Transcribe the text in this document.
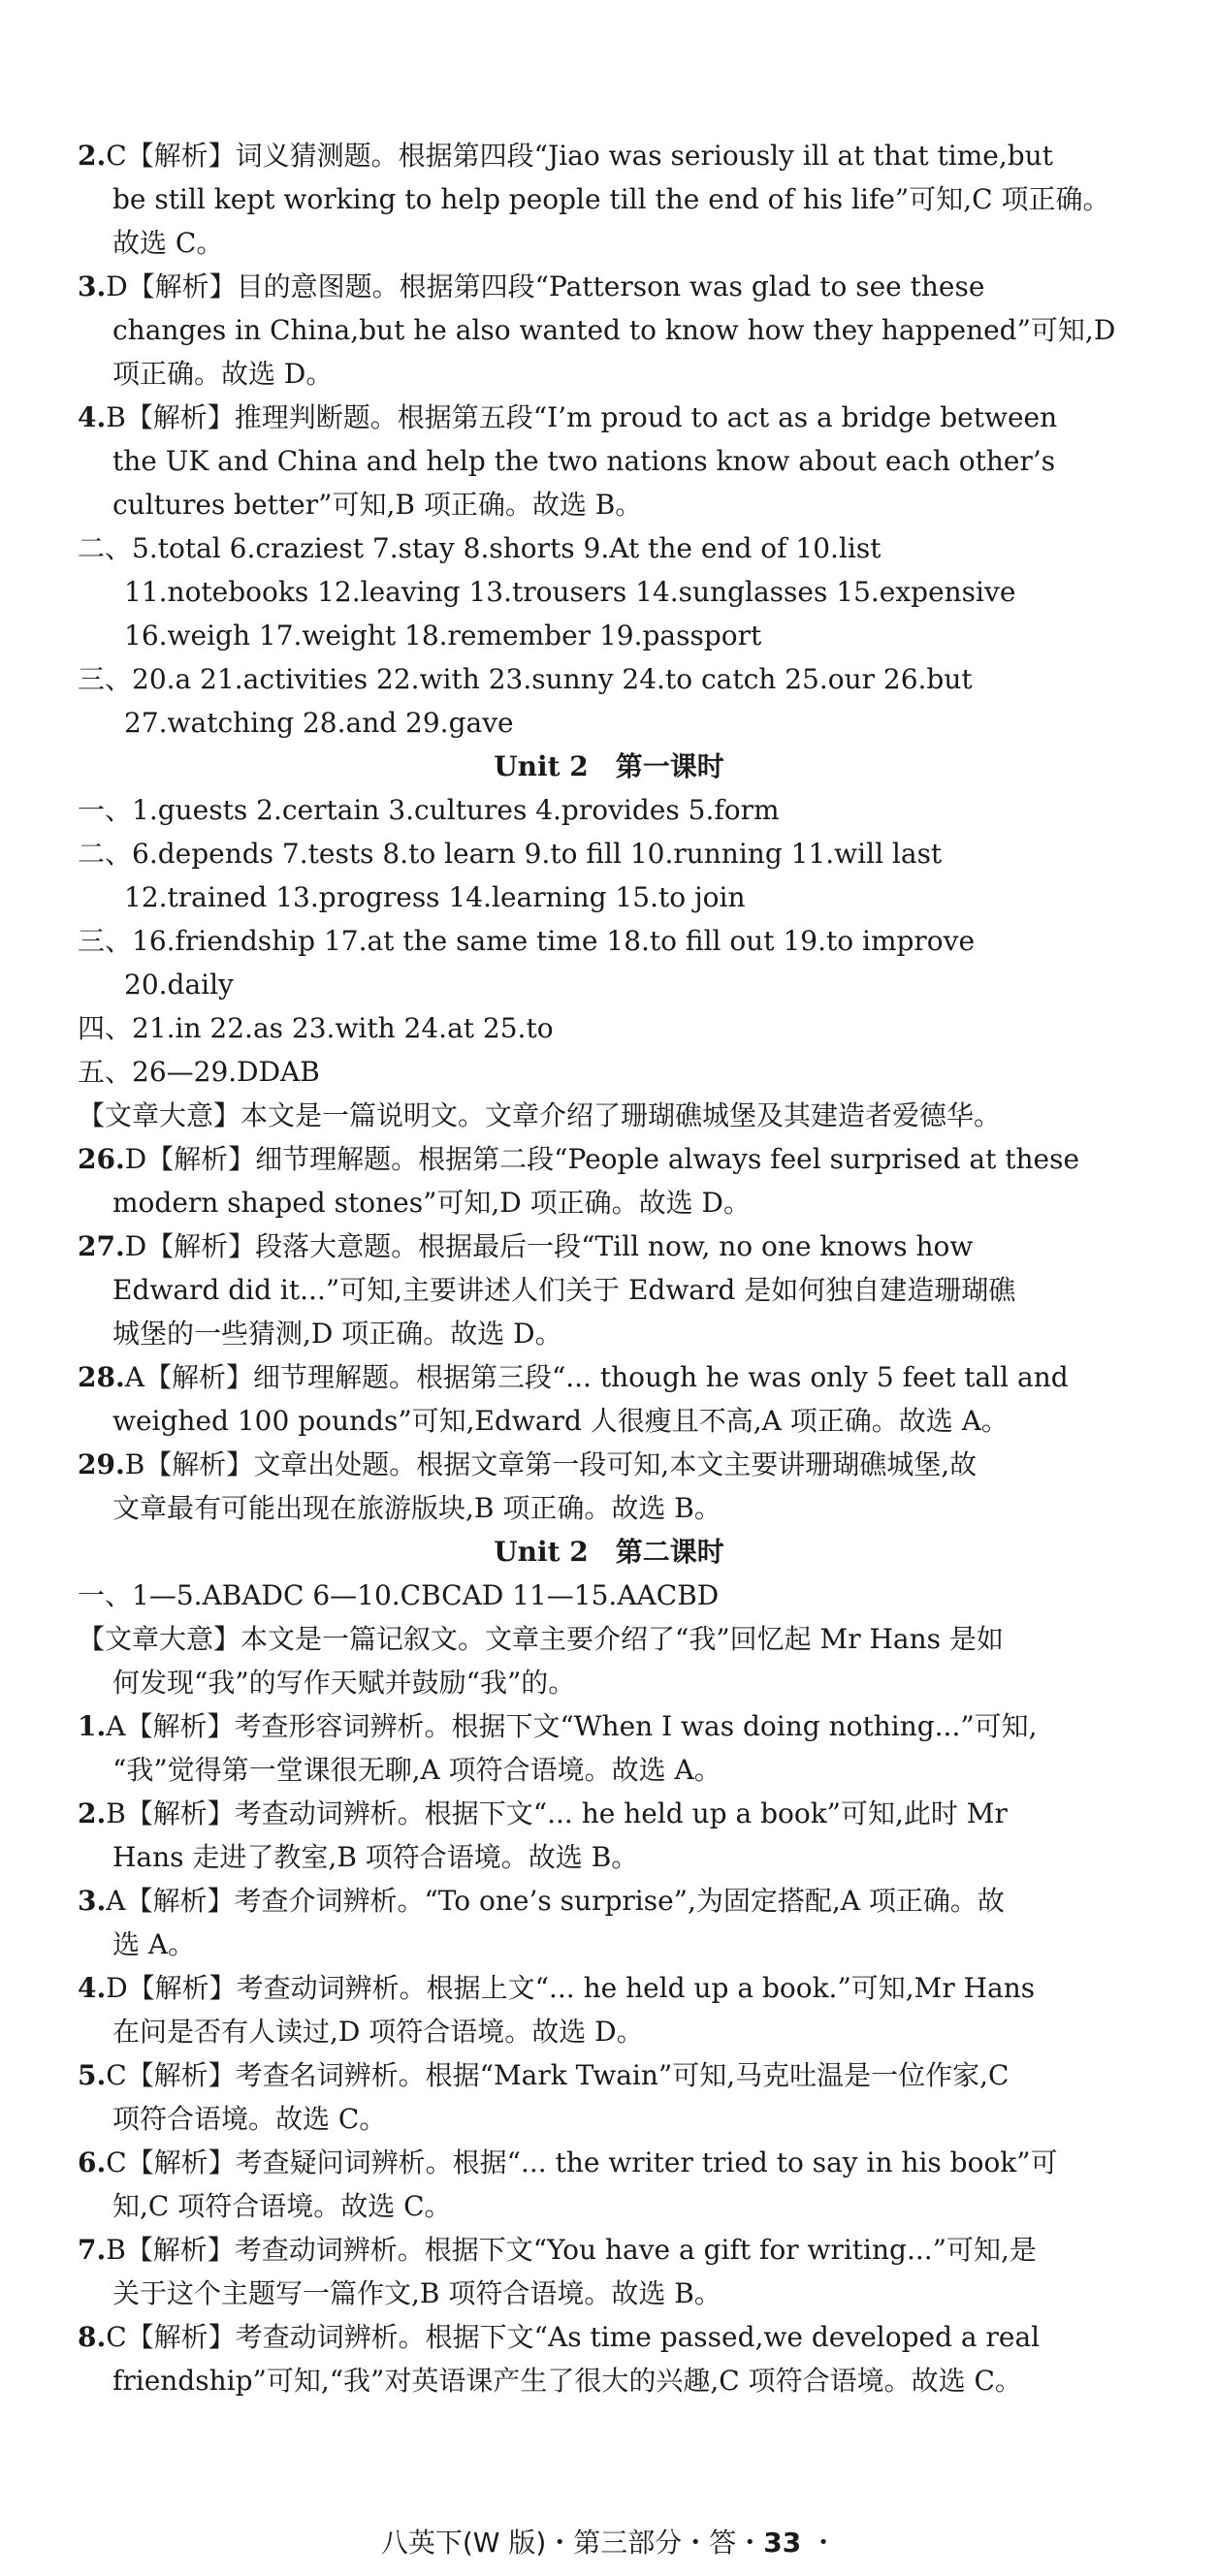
2.C【解析】词义猜测题。根据第四段“Jiao was seriously ill at that time,but
be still kept working to help people till the end of his life”可知,C 项正确。
故选 C。
3.D【解析】目的意图题。根据第四段“Patterson was glad to see these
changes in China,but he also wanted to know how they happened”可知,D
项正确。故选 D。
4.B【解析】推理判断题。根据第五段“I’m proud to act as a bridge between
the UK and China and help the two nations know about each other’s
cultures better”可知,B 项正确。故选 B。
二、5.total 6.craziest 7.stay 8.shorts 9.At the end of 10.list
11.notebooks 12.leaving 13.trousers 14.sunglasses 15.expensive
16.weigh 17.weight 18.remember 19.passport
三、20.a 21.activities 22.with 23.sunny 24.to catch 25.our 26.but
27.watching 28.and 29.gave
Unit 2　第一课时
一、1.guests 2.certain 3.cultures 4.provides 5.form
二、6.depends 7.tests 8.to learn 9.to fill 10.running 11.will last
12.trained 13.progress 14.learning 15.to join
三、16.friendship 17.at the same time 18.to fill out 19.to improve
20.daily
四、21.in 22.as 23.with 24.at 25.to
五、26—29.DDAB
【文章大意】本文是一篇说明文。文章介绍了珊瑚礁城堡及其建造者爱德华。
26.D【解析】细节理解题。根据第二段“People always feel surprised at these
modern shaped stones”可知,D 项正确。故选 D。
27.D【解析】段落大意题。根据最后一段“Till now, no one knows how
Edward did it...”可知,主要讲述人们关于 Edward 是如何独自建造珊瑚礁
城堡的一些猜测,D 项正确。故选 D。
28.A【解析】细节理解题。根据第三段“... though he was only 5 feet tall and
weighed 100 pounds”可知,Edward 人很瘦且不高,A 项正确。故选 A。
29.B【解析】文章出处题。根据文章第一段可知,本文主要讲珊瑚礁城堡,故
文章最有可能出现在旅游版块,B 项正确。故选 B。
Unit 2　第二课时
一、1—5.ABADC 6—10.CBCAD 11—15.AACBD
【文章大意】本文是一篇记叙文。文章主要介绍了“我”回忆起 Mr Hans 是如
何发现“我”的写作天赋并鼓励“我”的。
1.A【解析】考查形容词辨析。根据下文“When I was doing nothing...”可知,
“我”觉得第一堂课很无聊,A 项符合语境。故选 A。
2.B【解析】考查动词辨析。根据下文“... he held up a book”可知,此时 Mr
Hans 走进了教室,B 项符合语境。故选 B。
3.A【解析】考查介词辨析。“To one’s surprise”,为固定搭配,A 项正确。故
选 A。
4.D【解析】考查动词辨析。根据上文“... he held up a book.”可知,Mr Hans
在问是否有人读过,D 项符合语境。故选 D。
5.C【解析】考查名词辨析。根据“Mark Twain”可知,马克吐温是一位作家,C
项符合语境。故选 C。
6.C【解析】考查疑问词辨析。根据“... the writer tried to say in his book”可
知,C 项符合语境。故选 C。
7.B【解析】考查动词辨析。根据下文“You have a gift for writing...”可知,是
关于这个主题写一篇作文,B 项符合语境。故选 B。
8.C【解析】考查动词辨析。根据下文“As time passed,we developed a real
friendship”可知,“我”对英语课产生了很大的兴趣,C 项符合语境。故选 C。
八英下(W 版)・第三部分・答・33 ・
